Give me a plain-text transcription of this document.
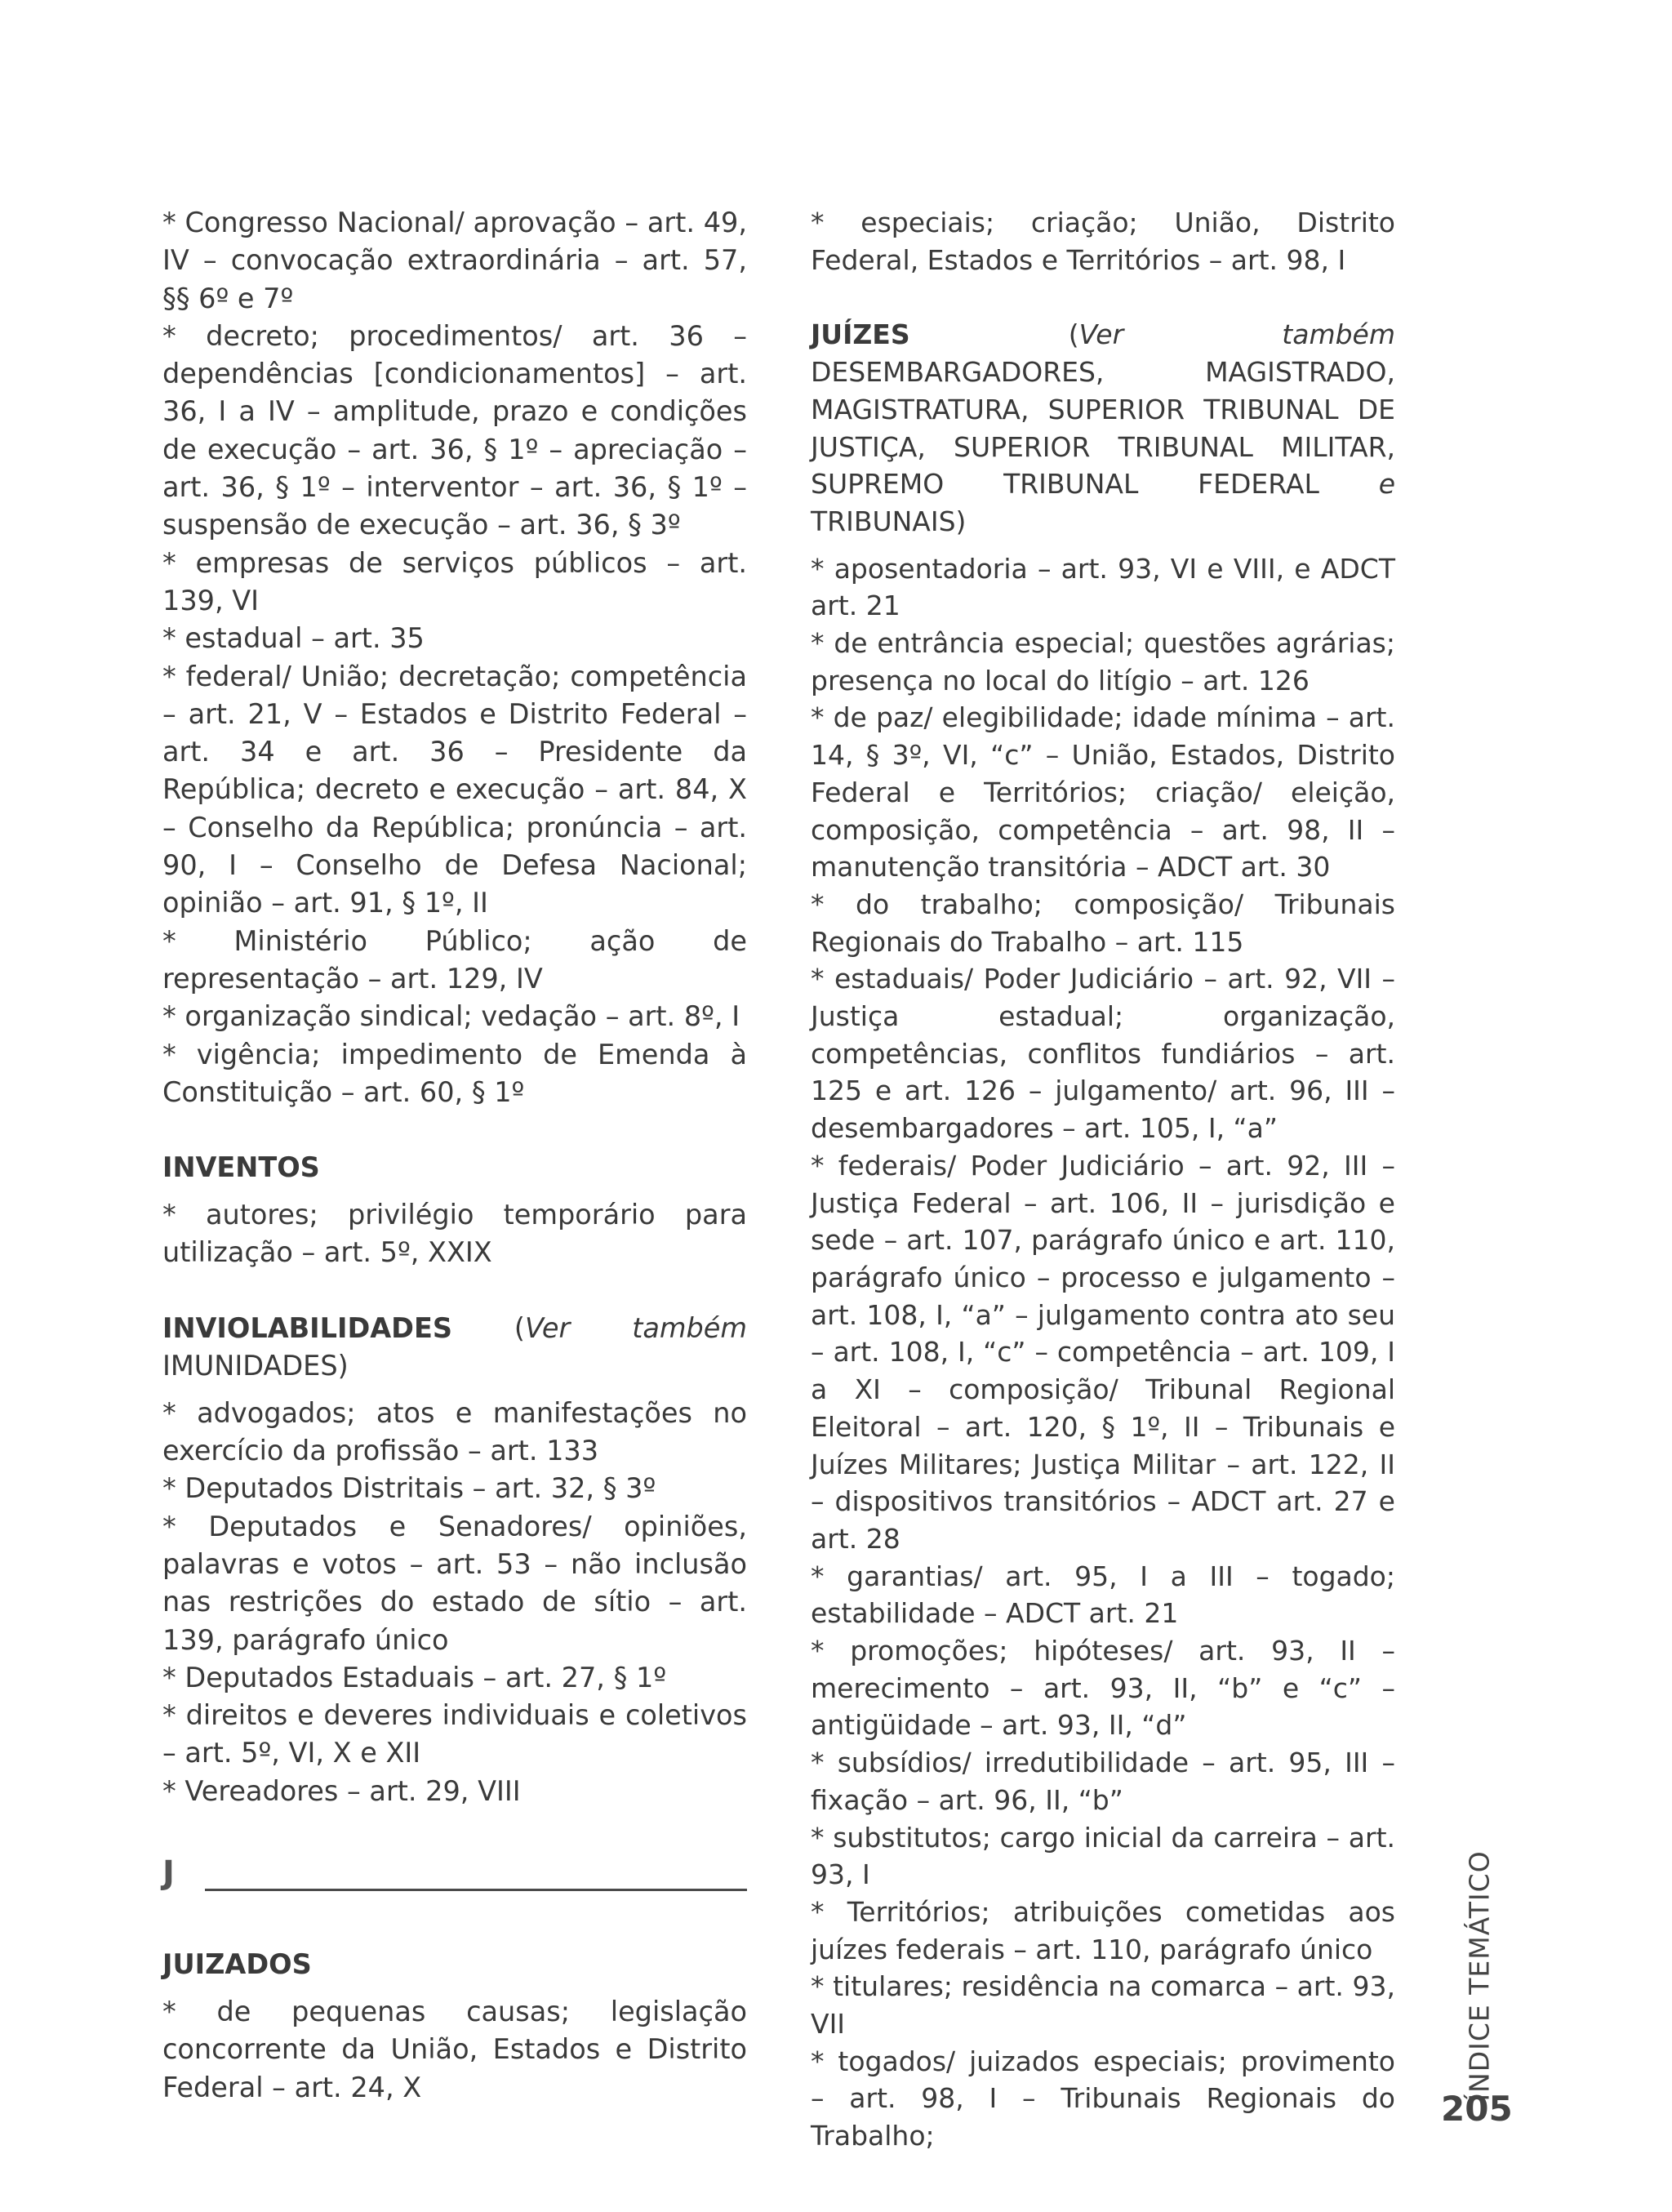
* Congresso Nacional/ aprovação – art. 49, IV – convocação extraordinária – art. 57, §§ 6º e 7º

* decreto; procedimentos/ art. 36 – dependências [condicionamentos] – art. 36, I a IV – amplitude, prazo e condições de execução – art. 36, § 1º – apreciação – art. 36, § 1º – interventor – art. 36, § 1º – suspensão de execução – art. 36, § 3º

* empresas de serviços públicos – art. 139, VI

* estadual – art. 35

* federal/ União; decretação; competência – art. 21, V – Estados e Distrito Federal – art. 34 e art. 36 – Presidente da República; decreto e execução – art. 84, X – Conselho da República; pronúncia – art. 90, I – Conselho de Defesa Nacional; opinião – art. 91, § 1º, II

* Ministério Público; ação de representação – art. 129, IV

* organização sindical; vedação – art. 8º, I

* vigência; impedimento de Emenda à Constituição – art. 60, § 1º

INVENTOS

* autores; privilégio temporário para utilização – art. 5º, XXIX

INVIOLABILIDADES (Ver também IMUNIDADES)

* advogados; atos e manifestações no exercício da profissão – art. 133

* Deputados Distritais – art. 32, § 3º

* Deputados e Senadores/ opiniões, palavras e votos – art. 53 – não inclusão nas restrições do estado de sítio – art. 139, parágrafo único

* Deputados Estaduais – art. 27, § 1º

* direitos e deveres individuais e coletivos – art. 5º, VI, X e XII

* Vereadores – art. 29, VIII

J

JUIZADOS

* de pequenas causas; legislação concorrente da União, Estados e Distrito Federal – art. 24, X

* especiais; criação; União, Distrito Federal, Estados e Territórios – art. 98, I

JUÍZES (Ver também DESEMBARGADORES, MAGISTRADO, MAGISTRATURA, SUPERIOR TRIBUNAL DE JUSTIÇA, SUPERIOR TRIBUNAL MILITAR, SUPREMO TRIBUNAL FEDERAL e TRIBUNAIS)

* aposentadoria – art. 93, VI e VIII, e ADCT art. 21

* de entrância especial; questões agrárias; presença no local do litígio – art. 126

* de paz/ elegibilidade; idade mínima – art. 14, § 3º, VI, “c” – União, Estados, Distrito Federal e Territórios; criação/ eleição, composição, competência – art. 98, II – manutenção transitória – ADCT art. 30

* do trabalho; composição/ Tribunais Regionais do Trabalho – art. 115

* estaduais/ Poder Judiciário – art. 92, VII – Justiça estadual; organização, competências, conflitos fundiários – art. 125 e art. 126 – julgamento/ art. 96, III – desembargadores – art. 105, I, “a”

* federais/ Poder Judiciário – art. 92, III – Justiça Federal – art. 106, II – jurisdição e sede – art. 107, parágrafo único e art. 110, parágrafo único – processo e julgamento – art. 108, I, “a” – julgamento contra ato seu – art. 108, I, “c” – competência – art. 109, I a XI – composição/ Tribunal Regional Eleitoral – art. 120, § 1º, II – Tribunais e Juízes Militares; Justiça Militar – art. 122, II – dispositivos transitórios – ADCT art. 27 e art. 28

* garantias/ art. 95, I a III – togado; estabilidade – ADCT art. 21

* promoções; hipóteses/ art. 93, II – merecimento – art. 93, II, “b” e “c” – antigüidade – art. 93, II, “d”

* subsídios/ irredutibilidade – art. 95, III – fixação – art. 96, II, “b”

* substitutos; cargo inicial da carreira – art. 93, I

* Territórios; atribuições cometidas aos juízes federais – art. 110, parágrafo único

* titulares; residência na comarca – art. 93, VII

* togados/ juizados especiais; provimento – art. 98, I – Tribunais Regionais do Trabalho;

ÍNDICE TEMÁTICO
205
